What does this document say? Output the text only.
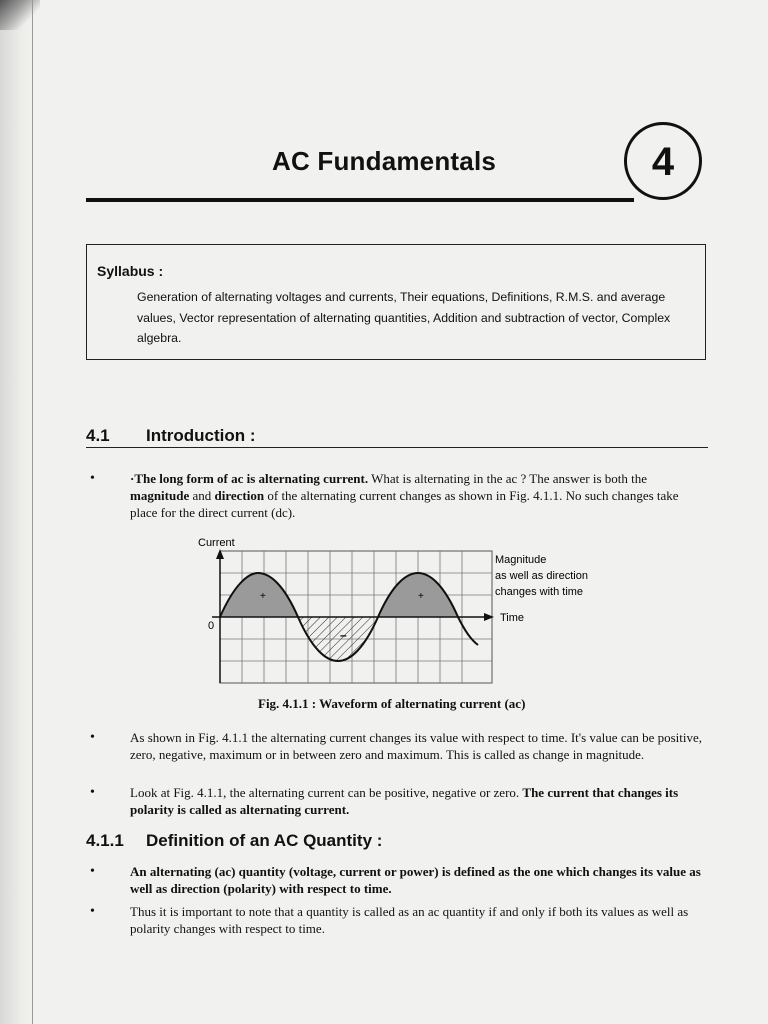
AC Fundamentals	4
Syllabus :
Generation of alternating voltages and currents, Their equations, Definitions, R.M.S. and average values, Vector representation of alternating quantities, Addition and subtraction of vector, Complex algebra.
4.1 Introduction :
•	·The long form of ac is alternating current. What is alternating in the ac ? The answer is both the magnitude and direction of the alternating current changes as shown in Fig. 4.1.1. No such changes take place for the direct current (dc).
Current
0
Time
Magnitude
as well as direction
changes with time
+	+
–
Fig. 4.1.1 : Waveform of alternating current (ac)
•	As shown in Fig. 4.1.1 the alternating current changes its value with respect to time. It's value can be positive, zero, negative, maximum or in between zero and maximum. This is called as change in magnitude.
•	Look at Fig. 4.1.1, the alternating current can be positive, negative or zero. The current that changes its polarity is called as alternating current.
4.1.1 Definition of an AC Quantity :
•	An alternating (ac) quantity (voltage, current or power) is defined as the one which changes its value as well as direction (polarity) with respect to time.
•	Thus it is important to note that a quantity is called as an ac quantity if and only if both its values as well as polarity changes with respect to time.
